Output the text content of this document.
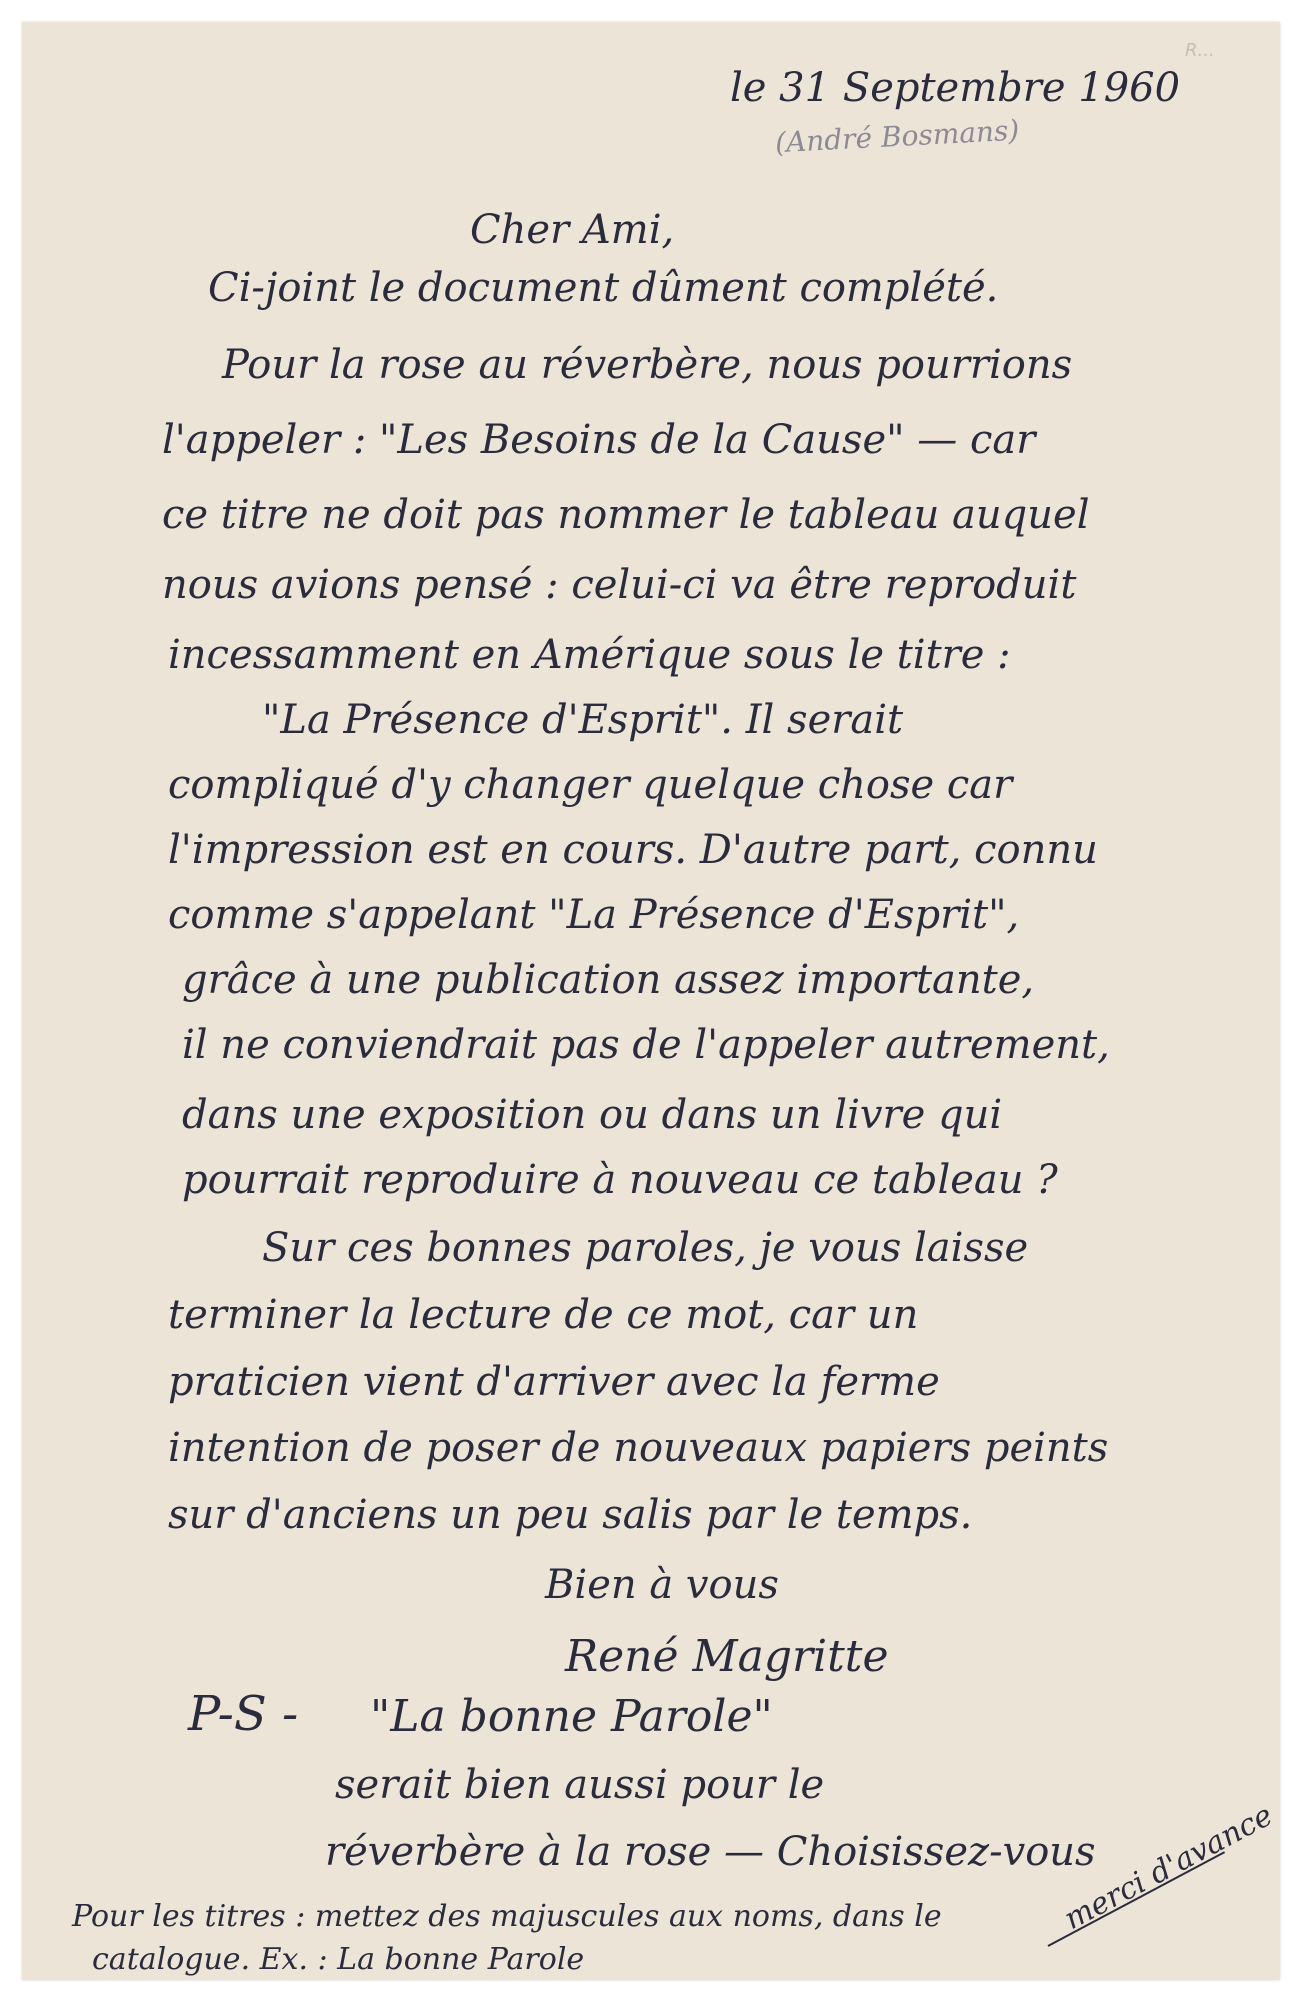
R...
le 31 Septembre 1960
(André Bosmans)
Cher Ami,
Ci-joint le document dûment complété.
Pour la rose au réverbère, nous pourrions
l'appeler : "Les Besoins de la Cause" — car
ce titre ne doit pas nommer le tableau auquel
nous avions pensé : celui-ci va être reproduit
incessamment en Amérique sous le titre :
"La Présence d'Esprit". Il serait
compliqué d'y changer quelque chose car
l'impression est en cours. D'autre part, connu
comme s'appelant "La Présence d'Esprit",
grâce à une publication assez importante,
il ne conviendrait pas de l'appeler autrement,
dans une exposition ou dans un livre qui
pourrait reproduire à nouveau ce tableau ?
Sur ces bonnes paroles, je vous laisse
terminer la lecture de ce mot, car un
praticien vient d'arriver avec la ferme
intention de poser de nouveaux papiers peints
sur d'anciens un peu salis par le temps.
Bien à vous
René Magritte
P-S - "La bonne Parole"
serait bien aussi pour le
réverbère à la rose — Choisissez-vous
Pour les titres : mettez des majuscules aux noms, dans le
catalogue. Ex. : La bonne Parole
merci d'avance
